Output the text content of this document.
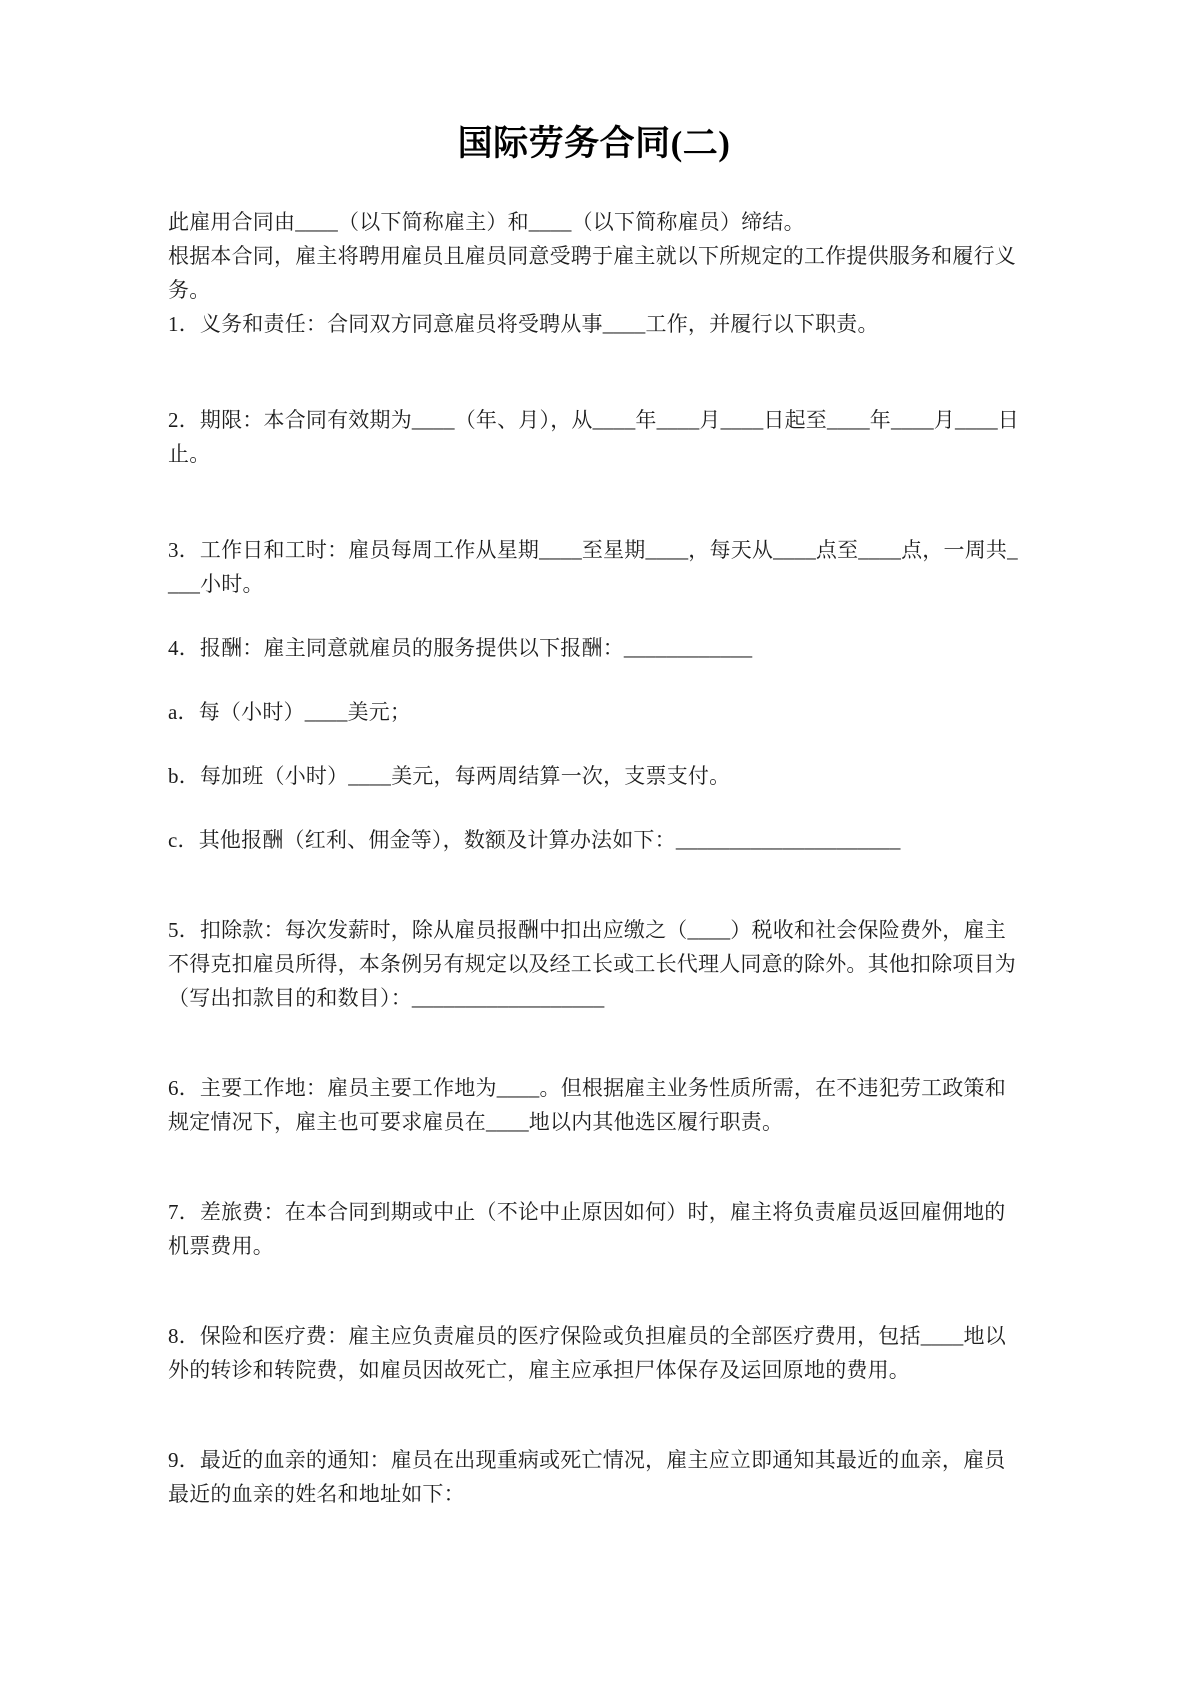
国际劳务合同(二)

此雇用合同由____（以下简称雇主）和____（以下简称雇员）缔结。

根据本合同，雇主将聘用雇员且雇员同意受聘于雇主就以下所规定的工作提供服务和履行义务。

1．义务和责任：合同双方同意雇员将受聘从事____工作，并履行以下职责。

2．期限：本合同有效期为____（年、月），从____年____月____日起至____年____月____日止。

3．工作日和工时：雇员每周工作从星期____至星期____，每天从____点至____点，一周共____小时。

4．报酬：雇主同意就雇员的服务提供以下报酬：____________

a．每（小时）____美元；

b．每加班（小时）____美元，每两周结算一次，支票支付。

c．其他报酬（红利、佣金等），数额及计算办法如下：_____________________

5．扣除款：每次发薪时，除从雇员报酬中扣出应缴之（____）税收和社会保险费外，雇主不得克扣雇员所得，本条例另有规定以及经工长或工长代理人同意的除外。其他扣除项目为（写出扣款目的和数目）：__________________

6．主要工作地：雇员主要工作地为____。但根据雇主业务性质所需，在不违犯劳工政策和规定情况下，雇主也可要求雇员在____地以内其他选区履行职责。

7．差旅费：在本合同到期或中止（不论中止原因如何）时，雇主将负责雇员返回雇佣地的机票费用。

8．保险和医疗费：雇主应负责雇员的医疗保险或负担雇员的全部医疗费用，包括____地以外的转诊和转院费，如雇员因故死亡，雇主应承担尸体保存及运回原地的费用。

9．最近的血亲的通知：雇员在出现重病或死亡情况，雇主应立即通知其最近的血亲，雇员最近的血亲的姓名和地址如下：
